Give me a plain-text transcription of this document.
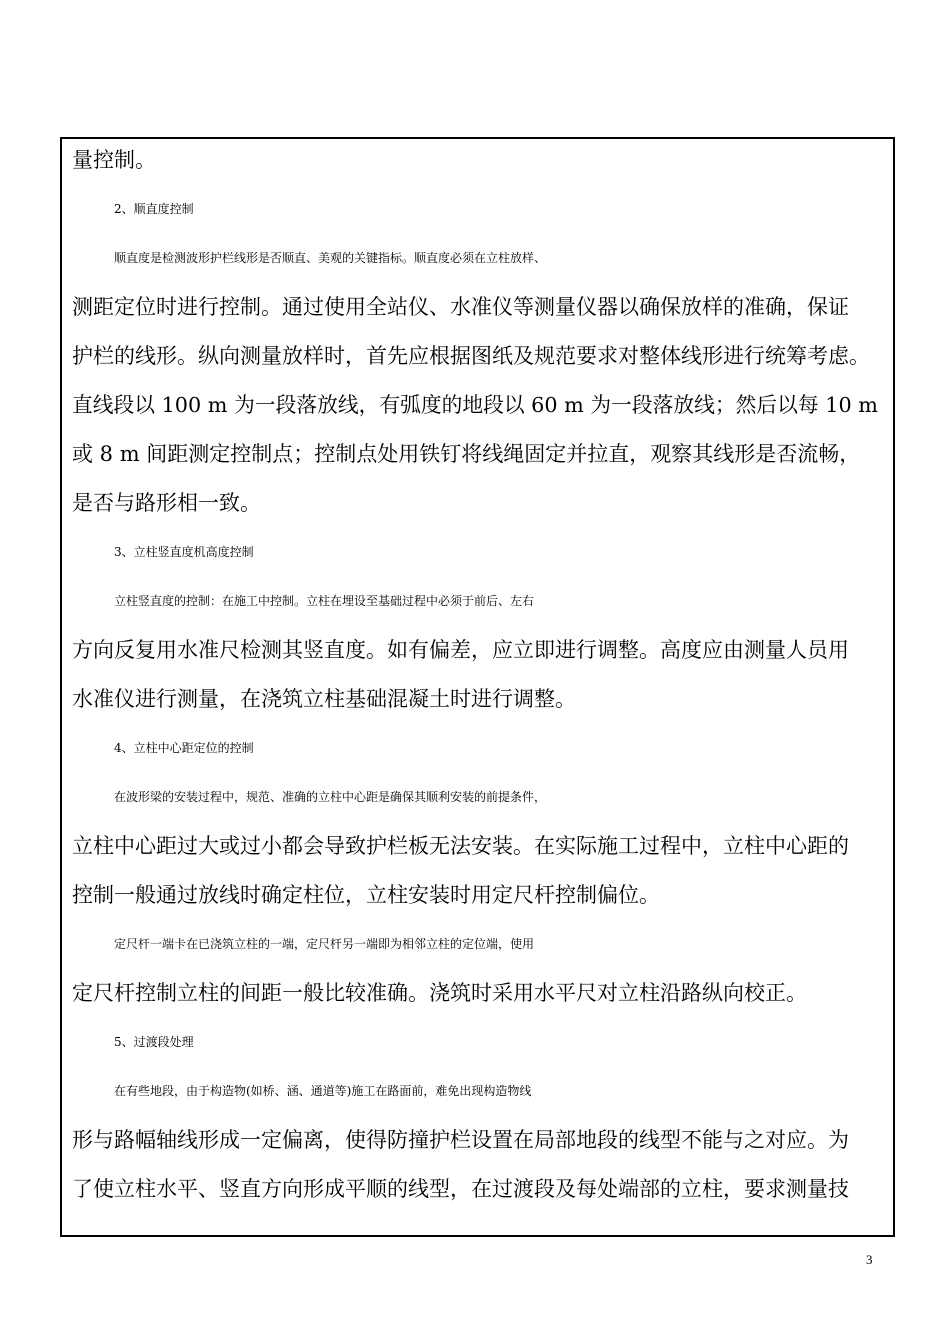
量控制。
2、顺直度控制
顺直度是检测波形护栏线形是否顺直、美观的关键指标。顺直度必须在立柱放样、
测距定位时进行控制。通过使用全站仪、水准仪等测量仪器以确保放样的准确，保证
护栏的线形。纵向测量放样时，首先应根据图纸及规范要求对整体线形进行统筹考虑。
直线段以 100 m 为一段落放线，有弧度的地段以 60 m 为一段落放线；然后以每 10 m
或 8 m 间距测定控制点；控制点处用铁钉将线绳固定并拉直，观察其线形是否流畅，
是否与路形相一致。
3、立柱竖直度机高度控制
立柱竖直度的控制：在施工中控制。立柱在埋设至基础过程中必须于前后、左右
方向反复用水准尺检测其竖直度。如有偏差，应立即进行调整。高度应由测量人员用
水准仪进行测量，在浇筑立柱基础混凝土时进行调整。
4、立柱中心距定位的控制
在波形梁的安装过程中，规范、准确的立柱中心距是确保其顺利安装的前提条件，
立柱中心距过大或过小都会导致护栏板无法安装。在实际施工过程中，立柱中心距的
控制一般通过放线时确定柱位，立柱安装时用定尺杆控制偏位。
定尺杆一端卡在已浇筑立柱的一端，定尺杆另一端即为相邻立柱的定位端，使用
定尺杆控制立柱的间距一般比较准确。浇筑时采用水平尺对立柱沿路纵向校正。
5、过渡段处理
在有些地段，由于构造物(如桥、涵、通道等)施工在路面前，难免出现构造物线
形与路幅轴线形成一定偏离，使得防撞护栏设置在局部地段的线型不能与之对应。为
了使立柱水平、竖直方向形成平顺的线型，在过渡段及每处端部的立柱，要求测量技
3
